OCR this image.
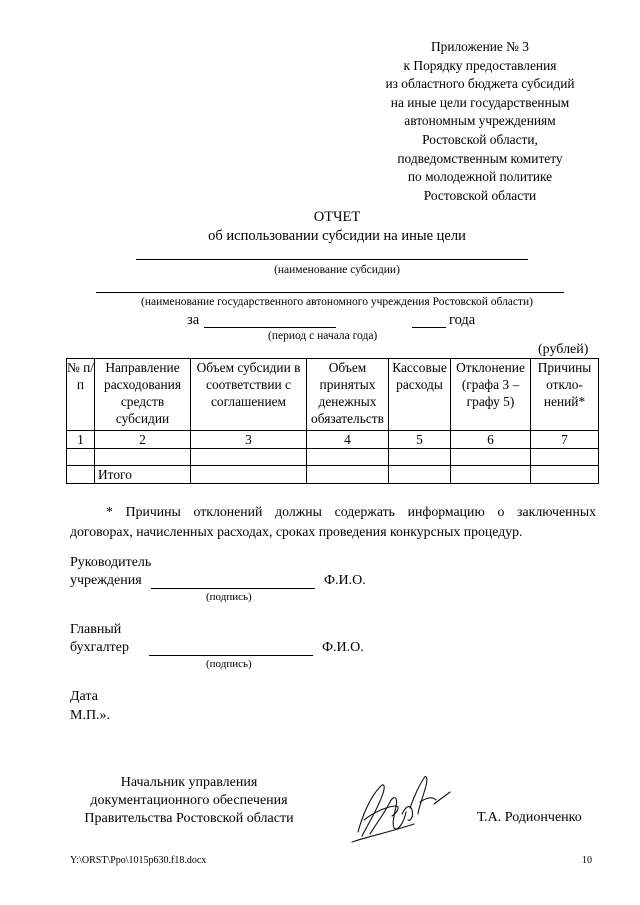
Приложение № 3
к Порядку предоставления
из областного бюджета субсидий
на иные цели государственным
автономным учреждениям
Ростовской области,
подведомственным комитету
по молодежной политике
Ростовской области
ОТЧЕТ
об использовании субсидии на иные цели
(наименование субсидии)
(наименование государственного автономного учреждения Ростовской области)
за	года
(период с начала года)
(рублей)
№ п/п	Направление расходования средств субсидии	Объем субсидии в соответствии с соглашением	Объем принятых денежных обязательств	Кассовые расходы	Отклонение (графа 3 – графу 5)	Причины откло-нений*
1	2	3	4	5	6	7

	Итого					
* Причины отклонений должны содержать информацию о заключенных договорах, начисленных расходах, сроках проведения конкурсных процедур.
Руководитель
учреждения	Ф.И.О.
(подпись)
Главный
бухгалтер	Ф.И.О.
(подпись)
Дата
М.П.».
Начальник управления
документационного обеспечения
Правительства Ростовской области	Т.А. Родионченко
Y:\ORST\Ppo\1015p630.f18.docx	10
